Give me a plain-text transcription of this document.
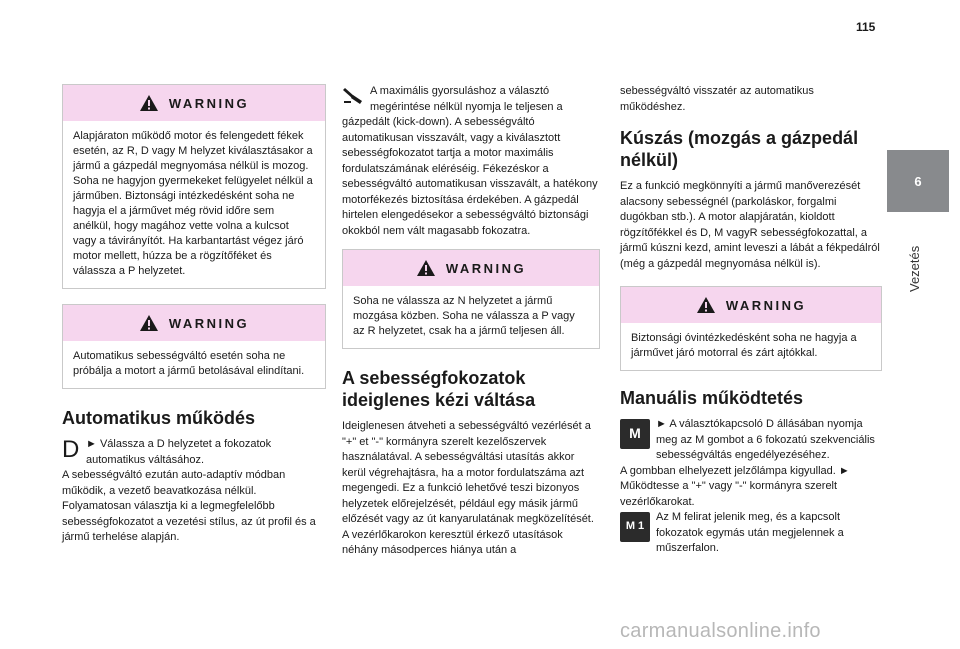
115
6
Vezetés
WARNING
Alapjáraton működő motor és felengedett fékek esetén, az R, D vagy M helyzet kiválasztásakor a jármű a gázpedál megnyomása nélkül is mozog. Soha ne hagyjon gyermekeket felügyelet nélkül a járműben. Biztonsági intézkedésként soha ne hagyja el a járművet még rövid időre sem anélkül, hogy magához vette volna a kulcsot vagy a távirányítót. Ha karbantartást végez járó motor mellett, húzza be a rögzítőféket és válassza a P helyzetet.
WARNING
Automatikus sebességváltó esetén soha ne próbálja a motort a jármű betolásával elindítani.
Automatikus működés
D ► Válassza a D helyzetet a fokozatok automatikus váltásához.

A sebességváltó ezután auto-adaptív módban működik, a vezető beavatkozása nélkül. Folyamatosan választja ki a legmegfelelőbb sebességfokozatot a vezetési stílus, az út profil és a jármű terhelése alapján.

A maximális gyorsuláshoz a választó megérintése nélkül nyomja le teljesen a gázpedált (kick-down). A sebességváltó automatikusan visszavált, vagy a kiválasztott sebességfokozatot tartja a motor maximális fordulatszámának eléréséig. Fékezéskor a sebességváltó automatikusan visszavált, a hatékony motorfékezés biztosítása érdekében. A gázpedál hirtelen elengedésekor a sebességváltó biztonsági okokból nem vált magasabb fokozatra.

WARNING
Soha ne válassza az N helyzetet a jármű mozgása közben. Soha ne válassza a P vagy az R helyzetet, csak ha a jármű teljesen áll.
A sebességfokozatok ideiglenes kézi váltása

Ideiglenesen átveheti a sebességváltó vezérlését a "+" et "-" kormányra szerelt kezelőszervek használatával. A sebességváltási utasítás akkor kerül végrehajtásra, ha a motor fordulatszáma azt megengedi. Ez a funkció lehetővé teszi bizonyos helyzetek előrejelzését, például egy másik jármű előzését vagy az út kanyarulatának megközelítését. A vezérlőkarokon keresztül érkező utasítások néhány másodperces hiánya után a

sebességváltó visszatér az automatikus működéshez.

Kúszás (mozgás a gázpedál nélkül)

Ez a funkció megkönnyíti a jármű manőverezését alacsony sebességnél (parkoláskor, forgalmi dugókban stb.). A motor alapjáratán, kioldott rögzítőfékkel és D, M vagyR sebességfokozattal, a jármű kúszni kezd, amint leveszi a lábát a fékpedálról (még a gázpedál megnyomása nélkül is).

WARNING
Biztonsági óvintézkedésként soha ne hagyja a járművet járó motorral és zárt ajtókkal.
Manuális működtetés

M
► A választókapcsoló D állásában nyomja meg az M gombot a 6 fokozatú szekvenciális sebességváltás engedélyezéséhez.

A gombban elhelyezett jelzőlámpa kigyullad. ► Működtesse a "+" vagy "-" kormányra szerelt vezérlőkarokat.

M 1
Az M felirat jelenik meg, és a kapcsolt fokozatok egymás után megjelennek a műszerfalon.

carmanualsonline.info
